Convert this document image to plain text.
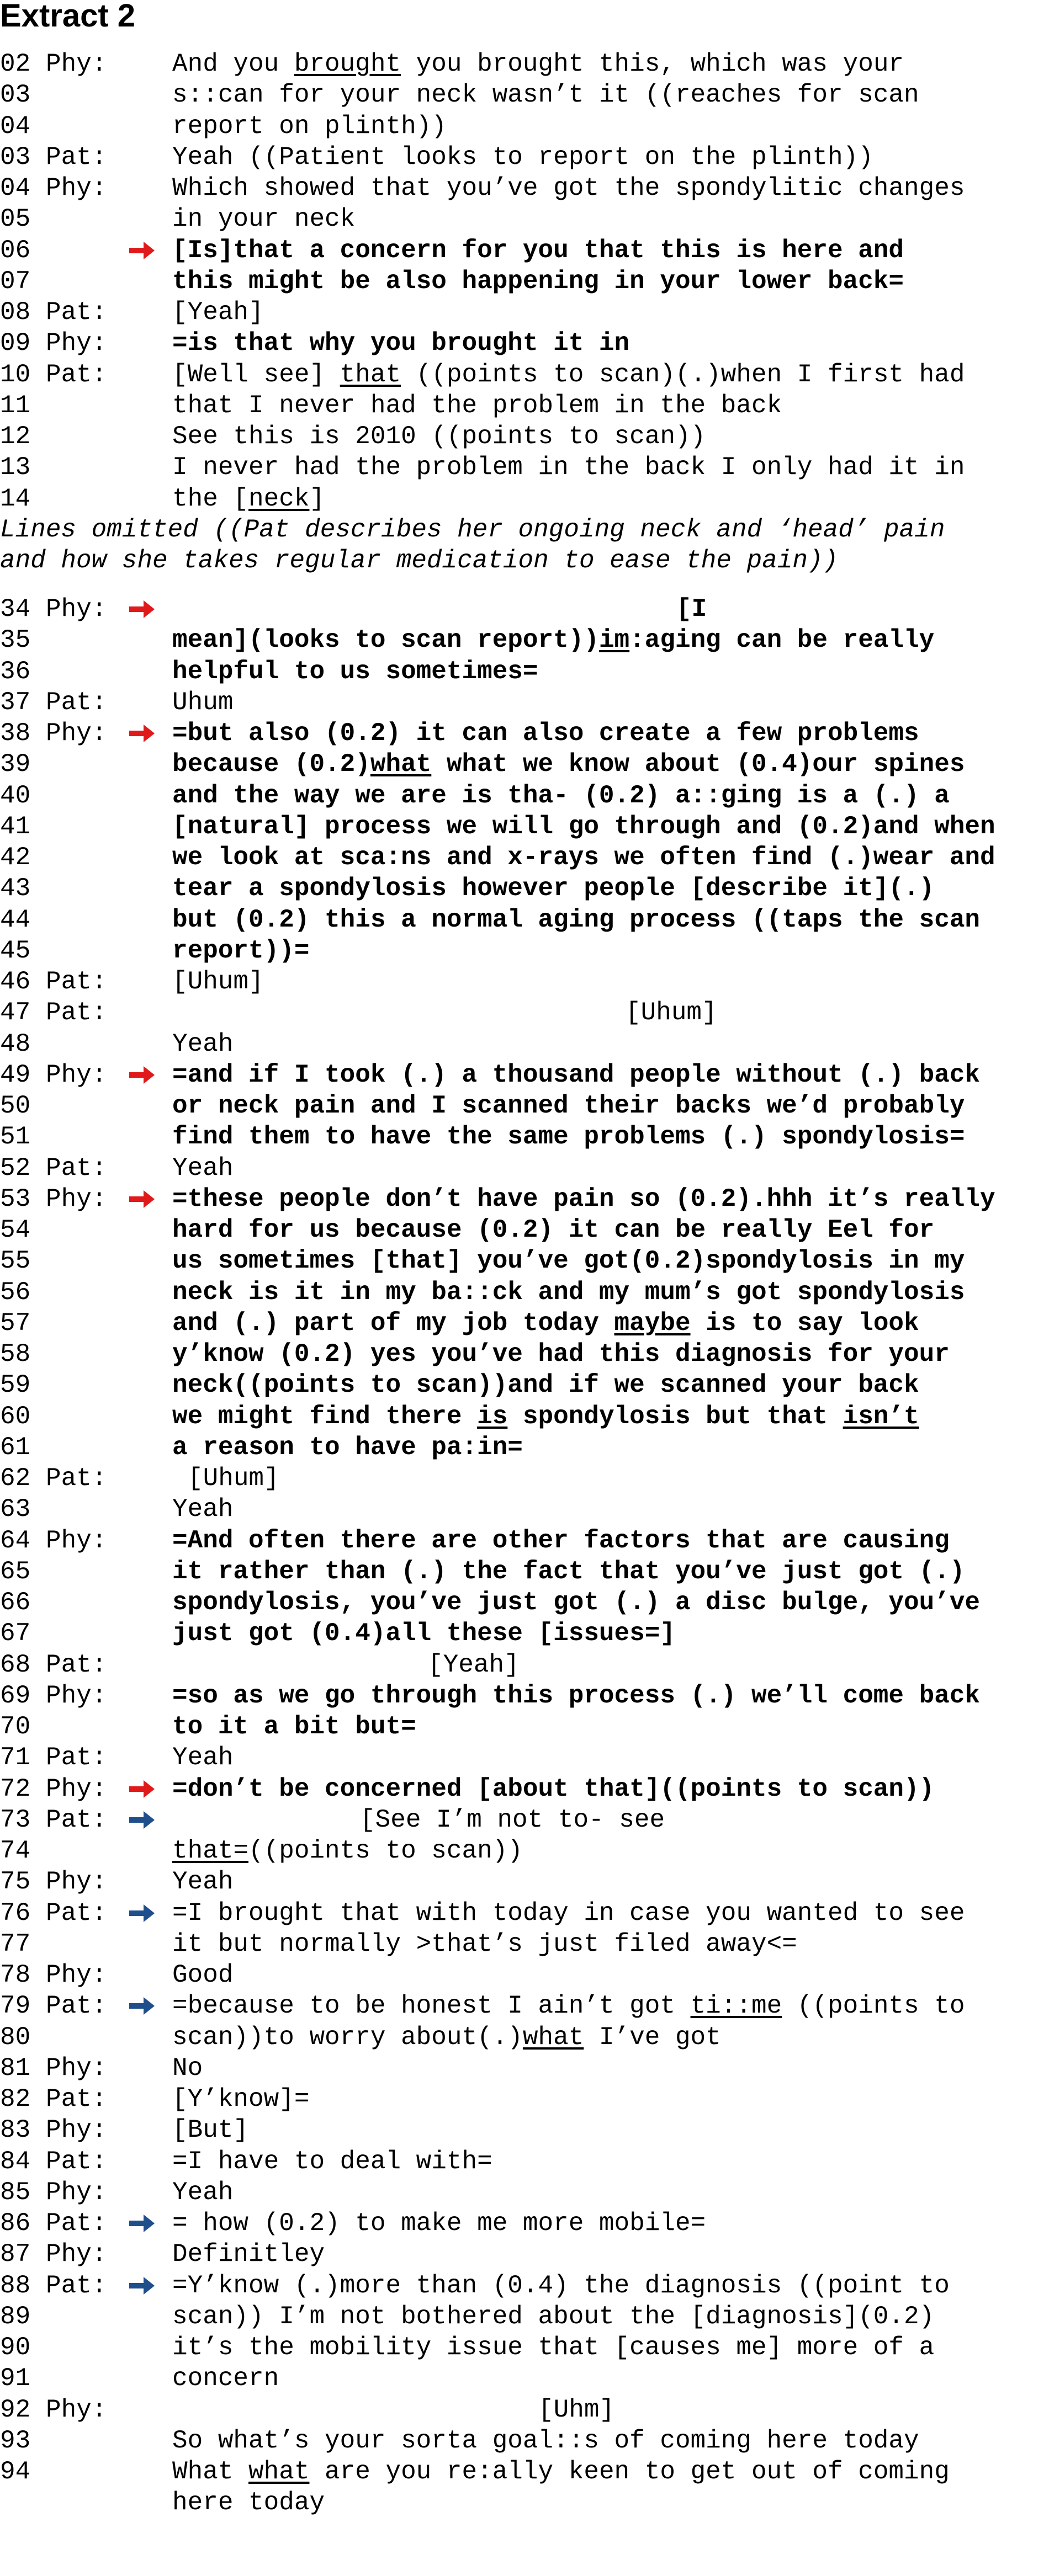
Extract 2
02 Phy:	And you brought you brought this, which was your
03	s::can for your neck wasn’t it ((reaches for scan
04	report on plinth))
03 Pat:	Yeah ((Patient looks to report on the plinth))
04 Phy:	Which showed that you’ve got the spondylitic changes
05	in your neck
06	[Is]that a concern for you that this is here and
07	this might be also happening in your lower back=
08 Pat:	[Yeah]
09 Phy:	=is that why you brought it in
10 Pat:	[Well see] that ((points to scan)(.)when I first had
11	that I never had the problem in the back
12	See this is 2010 ((points to scan))
13	I never had the problem in the back I only had it in
14	the [neck]
Lines omitted ((Pat describes her ongoing neck and ‘head’ pain
and how she takes regular medication to ease the pain))
34 Phy:	[I
35	mean](looks to scan report))im:aging can be really
36	helpful to us sometimes=
37 Pat:	Uhum
38 Phy:	=but also (0.2) it can also create a few problems
39	because (0.2)what what we know about (0.4)our spines
40	and the way we are is tha- (0.2) a::ging is a (.) a
41	[natural] process we will go through and (0.2)and when
42	we look at sca:ns and x-rays we often find (.)wear and
43	tear a spondylosis however people [describe it](.)
44	but (0.2) this a normal aging process ((taps the scan
45	report))=
46 Pat:	[Uhum]
47 Pat:	[Uhum]
48	Yeah
49 Phy:	=and if I took (.) a thousand people without (.) back
50	or neck pain and I scanned their backs we’d probably
51	find them to have the same problems (.) spondylosis=
52 Pat:	Yeah
53 Phy:	=these people don’t have pain so (0.2).hhh it’s really
54	hard for us because (0.2) it can be really Eel for
55	us sometimes [that] you’ve got(0.2)spondylosis in my
56	neck is it in my ba::ck and my mum’s got spondylosis
57	and (.) part of my job today maybe is to say look
58	y’know (0.2) yes you’ve had this diagnosis for your
59	neck((points to scan))and if we scanned your back
60	we might find there is spondylosis but that isn’t
61	a reason to have pa:in=
62 Pat:	[Uhum]
63	Yeah
64 Phy:	=And often there are other factors that are causing
65	it rather than (.) the fact that you’ve just got (.)
66	spondylosis, you’ve just got (.) a disc bulge, you’ve
67	just got (0.4)all these [issues=]
68 Pat:	[Yeah]
69 Phy:	=so as we go through this process (.) we’ll come back
70	to it a bit but=
71 Pat:	Yeah
72 Phy:	=don’t be concerned [about that]((points to scan))
73 Pat:	[See I’m not to- see
74	that=((points to scan))
75 Phy:	Yeah
76 Pat:	=I brought that with today in case you wanted to see
77	it but normally >that’s just filed away<=
78 Phy:	Good
79 Pat:	=because to be honest I ain’t got ti::me ((points to
80	scan))to worry about(.)what I’ve got
81 Phy:	No
82 Pat:	[Y’know]=
83 Phy:	[But]
84 Pat:	=I have to deal with=
85 Phy:	Yeah
86 Pat:	= how (0.2) to make me more mobile=
87 Phy:	Definitley
88 Pat:	=Y’know (.)more than (0.4) the diagnosis ((point to
89	scan)) I’m not bothered about the [diagnosis](0.2)
90	it’s the mobility issue that [causes me] more of a
91	concern
92 Phy:	[Uhm]
93	So what’s your sorta goal::s of coming here today
94	What what are you re:ally keen to get out of coming
here today
